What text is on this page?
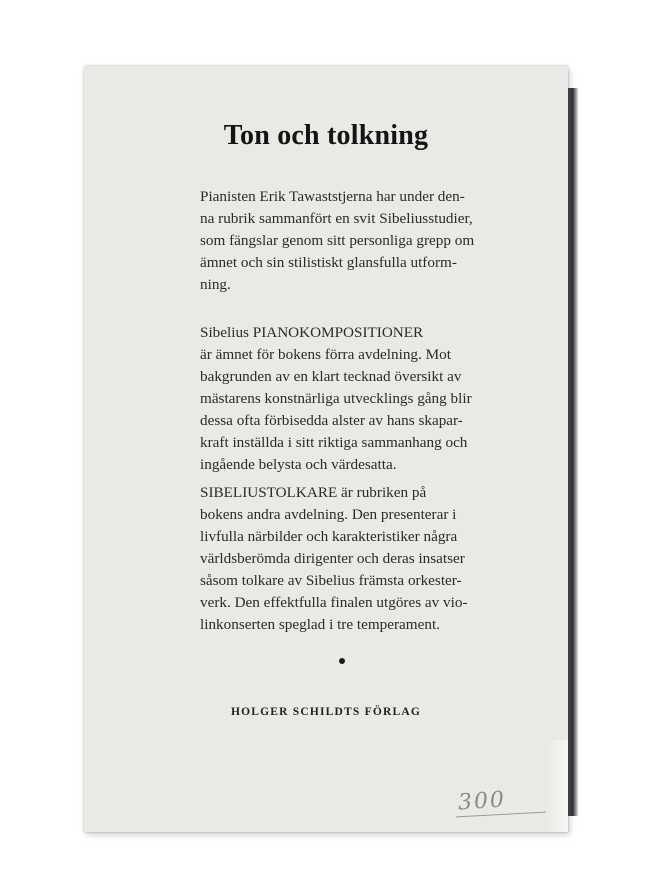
Ton och tolkning
Pianisten Erik Tawaststjerna har under den-
na rubrik sammanfört en svit Sibeliusstudier,
som fängslar genom sitt personliga grepp om
ämnet och sin stilistiskt glansfulla utform-
ning.
Sibelius PIANOKOMPOSITIONER
är ämnet för bokens förra avdelning. Mot
bakgrunden av en klart tecknad översikt av
mästarens konstnärliga utvecklings gång blir
dessa ofta förbisedda alster av hans skapar-
kraft inställda i sitt riktiga sammanhang och
ingående belysta och värdesatta.
SIBELIUSTOLKARE är rubriken på
bokens andra avdelning. Den presenterar i
livfulla närbilder och karakteristiker några
världsberömda dirigenter och deras insatser
såsom tolkare av Sibelius främsta orkester-
verk. Den effektfulla finalen utgöres av vio-
linkonserten speglad i tre temperament.
HOLGER SCHILDTS FÖRLAG
300
